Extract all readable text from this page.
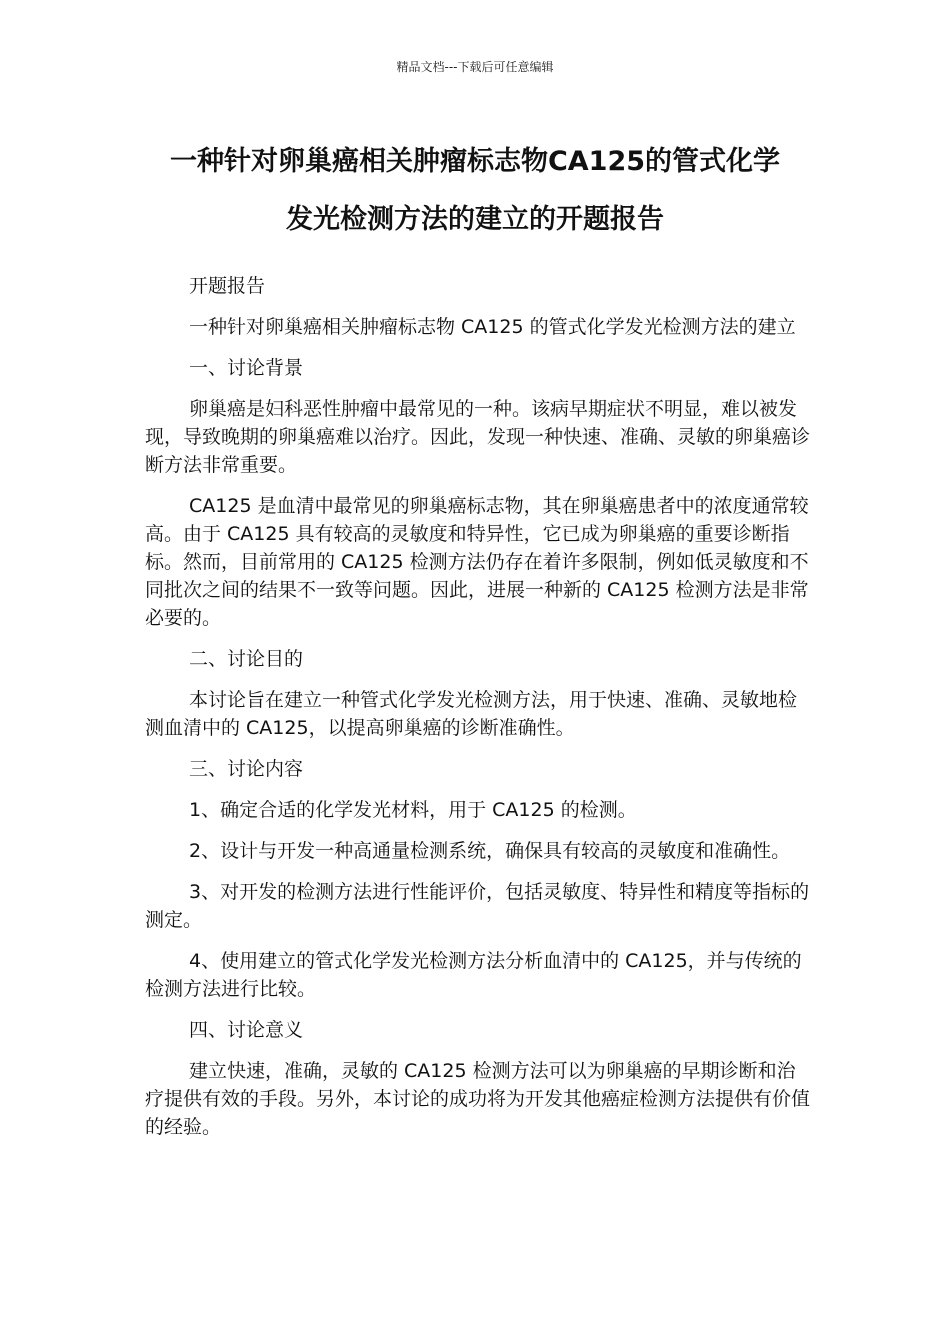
精品文档---下载后可任意编辑
一种针对卵巢癌相关肿瘤标志物CA125的管式化学
发光检测方法的建立的开题报告

开题报告

一种针对卵巢癌相关肿瘤标志物 CA125 的管式化学发光检测方法的建立

一、讨论背景

卵巢癌是妇科恶性肿瘤中最常见的一种。该病早期症状不明显，难以被发现，导致晚期的卵巢癌难以治疗。因此，发现一种快速、准确、灵敏的卵巢癌诊断方法非常重要。

CA125 是血清中最常见的卵巢癌标志物，其在卵巢癌患者中的浓度通常较高。由于 CA125 具有较高的灵敏度和特异性，它已成为卵巢癌的重要诊断指标。然而，目前常用的 CA125 检测方法仍存在着许多限制，例如低灵敏度和不同批次之间的结果不一致等问题。因此，进展一种新的 CA125 检测方法是非常必要的。

二、讨论目的

本讨论旨在建立一种管式化学发光检测方法，用于快速、准确、灵敏地检测血清中的 CA125，以提高卵巢癌的诊断准确性。

三、讨论内容

1、确定合适的化学发光材料，用于 CA125 的检测。

2、设计与开发一种高通量检测系统，确保具有较高的灵敏度和准确性。

3、对开发的检测方法进行性能评价，包括灵敏度、特异性和精度等指标的测定。

4、使用建立的管式化学发光检测方法分析血清中的 CA125，并与传统的检测方法进行比较。

四、讨论意义

建立快速，准确，灵敏的 CA125 检测方法可以为卵巢癌的早期诊断和治疗提供有效的手段。另外，本讨论的成功将为开发其他癌症检测方法提供有价值的经验。
